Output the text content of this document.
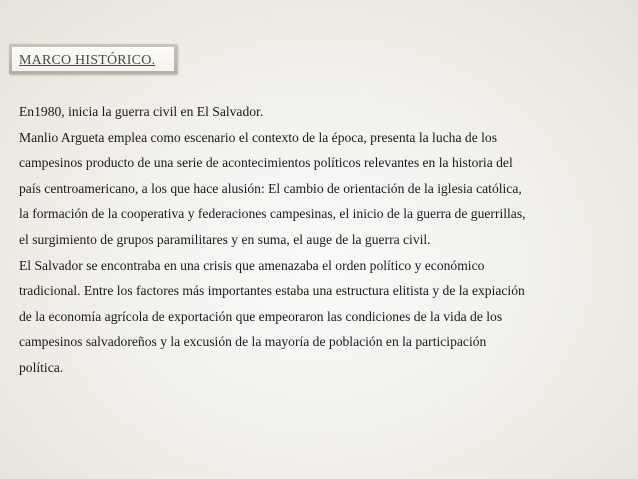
MARCO HISTÓRICO.
En1980, inicia la guerra civil en El Salvador.
Manlio Argueta emplea como escenario el contexto de la época, presenta la lucha de los
campesinos producto de una serie de acontecimientos políticos relevantes en la historia del
país centroamericano, a los que hace alusión: El cambio de orientación de la iglesia católica,
la formación de la cooperativa y federaciones campesinas, el inicio de la guerra de guerrillas,
el surgimiento de grupos paramilitares y en suma, el auge de la guerra civil.
El Salvador se encontraba en una crisis que amenazaba el orden político y económico
tradicional. Entre los factores más importantes estaba una estructura elitista y de la expiación
de la economía agrícola de exportación que empeoraron las condiciones de la vida de los
campesinos salvadoreños y la excusión de la mayoría de población en la participación
política.
